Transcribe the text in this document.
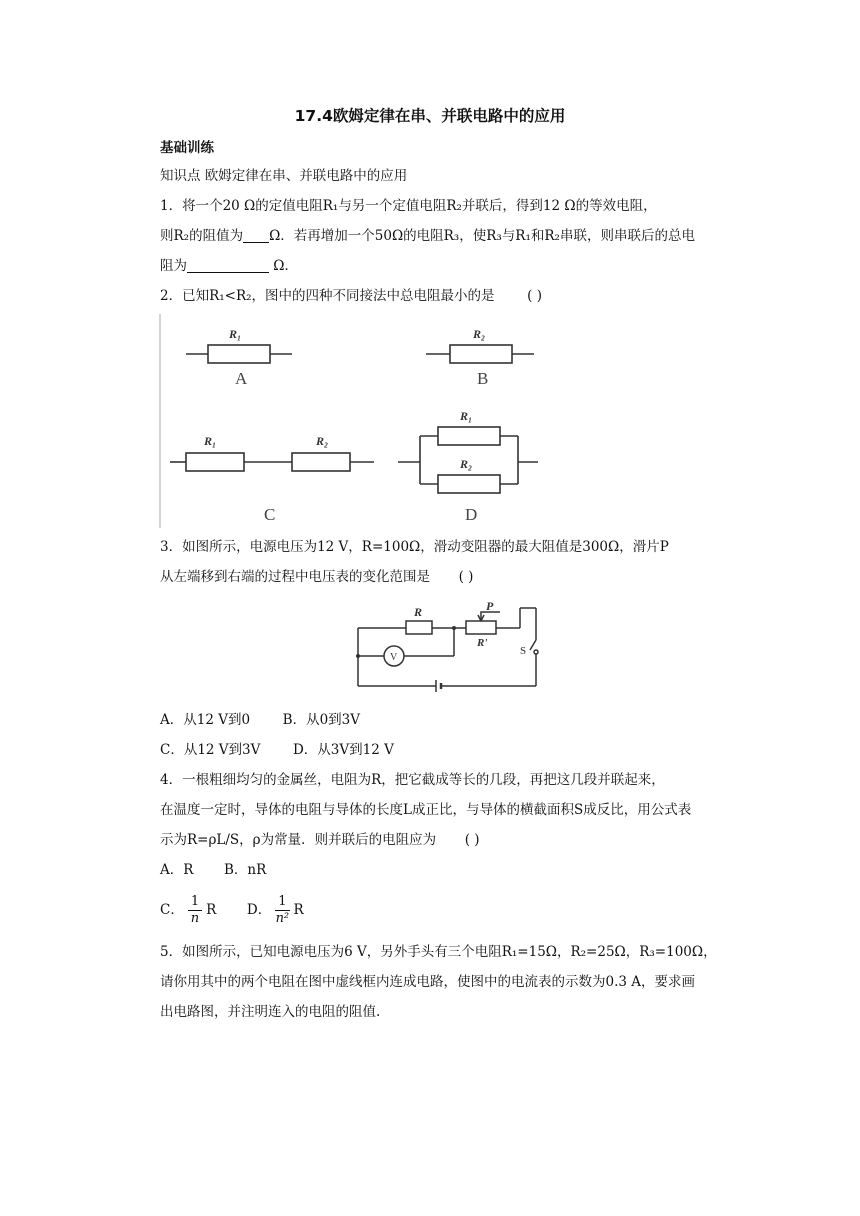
17.4欧姆定律在串、并联电路中的应用
基础训练
知识点 欧姆定律在串、并联电路中的应用
1．将一个20 Ω的定值电阻R₁与另一个定值电阻R₂并联后，得到12 Ω的等效电阻，
则R₂的阻值为 Ω．若再增加一个50Ω的电阻R₃，使R₃与R₁和R₂串联，则串联后的总电
阻为	Ω．
2．已知R₁<R₂，图中的四种不同接法中总电阻最小的是 ( )
R₁	R₂
R₁	R₂
R₁
R₂
A	B
C	D
3．如图所示，电源电压为12 V，R=100Ω，滑动变阻器的最大阻值是300Ω，滑片P
从左端移到右端的过程中电压表的变化范围是 ( )
R	P
R'
S
V
A．从12 V到0 B．从0到3V
C．从12 V到3V D．从3V到12 V
4．一根粗细均匀的金属丝，电阻为R，把它截成等长的几段，再把这几段并联起来，
在温度一定时，导体的电阻与导体的长度L成正比，与导体的横截面积S成反比，用公式表
示为R=ρL/S，ρ为常量．则并联后的电阻应为 ( )
A．R B．nR
C． $\frac{1}{n}$ R D． $\frac{1}{\text{n²}}$ R
5．如图所示，已知电源电压为6 V，另外手头有三个电阻R₁=15Ω，R₂=25Ω，R₃=100Ω，
请你用其中的两个电阻在图中虚线框内连成电路，使图中的电流表的示数为0.3 A，要求画
出电路图，并注明连入的电阻的阻值.
